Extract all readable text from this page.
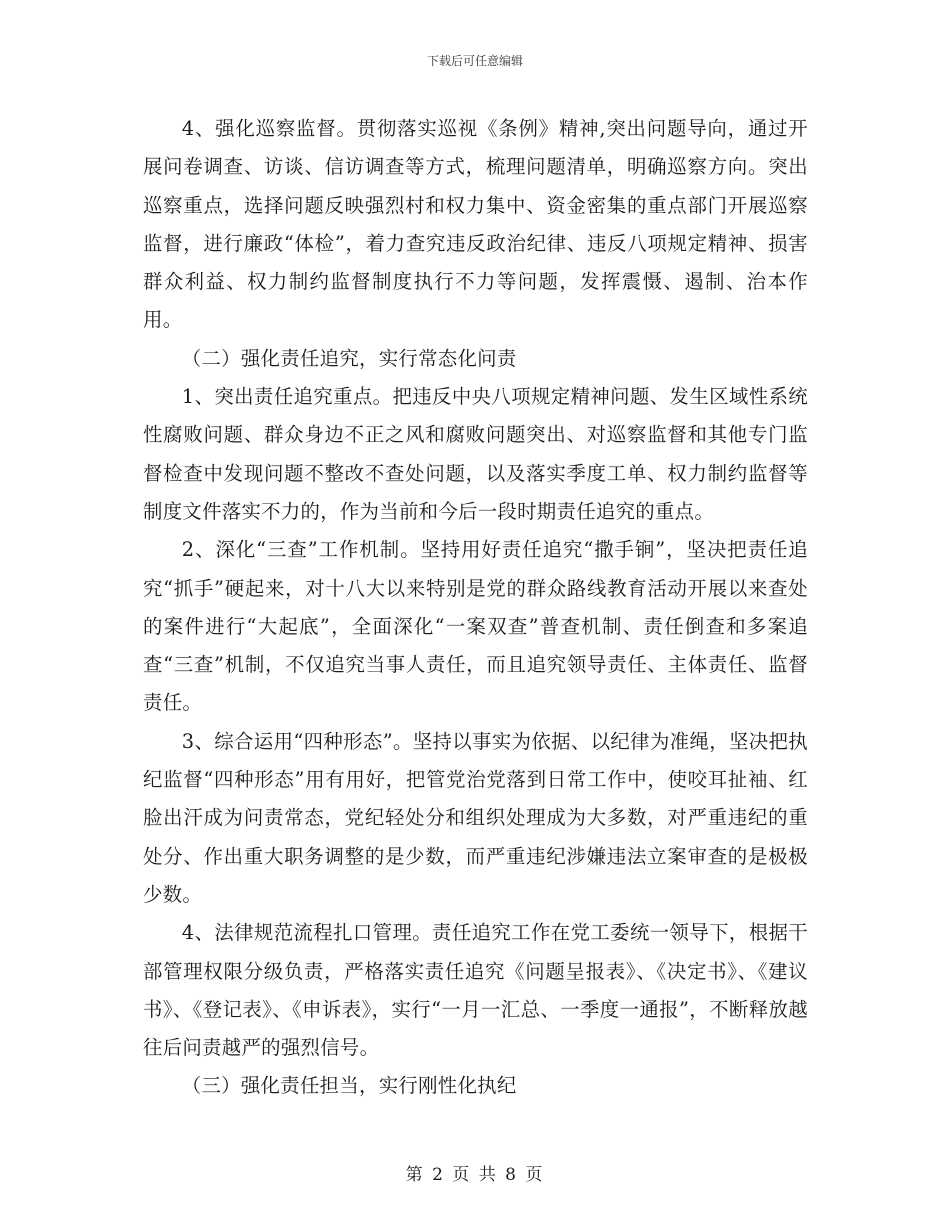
下载后可任意编辑

4、强化巡察监督。贯彻落实巡视《条例》精神,突出问题导向，通过开展问卷调查、访谈、信访调查等方式，梳理问题清单，明确巡察方向。突出巡察重点，选择问题反映强烈村和权力集中、资金密集的重点部门开展巡察监督，进行廉政“体检”，着力查究违反政治纪律、违反八项规定精神、损害群众利益、权力制约监督制度执行不力等问题，发挥震慑、遏制、治本作用。

（二）强化责任追究，实行常态化问责

1、突出责任追究重点。把违反中央八项规定精神问题、发生区域性系统性腐败问题、群众身边不正之风和腐败问题突出、对巡察监督和其他专门监督检查中发现问题不整改不查处问题，以及落实季度工单、权力制约监督等制度文件落实不力的，作为当前和今后一段时期责任追究的重点。

2、深化“三查”工作机制。坚持用好责任追究“撒手锏”，坚决把责任追究“抓手”硬起来，对十八大以来特别是党的群众路线教育活动开展以来查处的案件进行“大起底”，全面深化“一案双查”普查机制、责任倒查和多案追查“三查”机制，不仅追究当事人责任，而且追究领导责任、主体责任、监督责任。

3、综合运用“四种形态”。坚持以事实为依据、以纪律为准绳，坚决把执纪监督“四种形态”用有用好，把管党治党落到日常工作中，使咬耳扯袖、红脸出汗成为问责常态，党纪轻处分和组织处理成为大多数，对严重违纪的重处分、作出重大职务调整的是少数，而严重违纪涉嫌违法立案审查的是极极少数。

4、法律规范流程扎口管理。责任追究工作在党工委统一领导下，根据干部管理权限分级负责，严格落实责任追究《问题呈报表》、《决定书》、《建议书》、《登记表》、《申诉表》，实行“一月一汇总、一季度一通报”，不断释放越往后问责越严的强烈信号。

（三）强化责任担当，实行刚性化执纪

第 2 页 共 8 页
